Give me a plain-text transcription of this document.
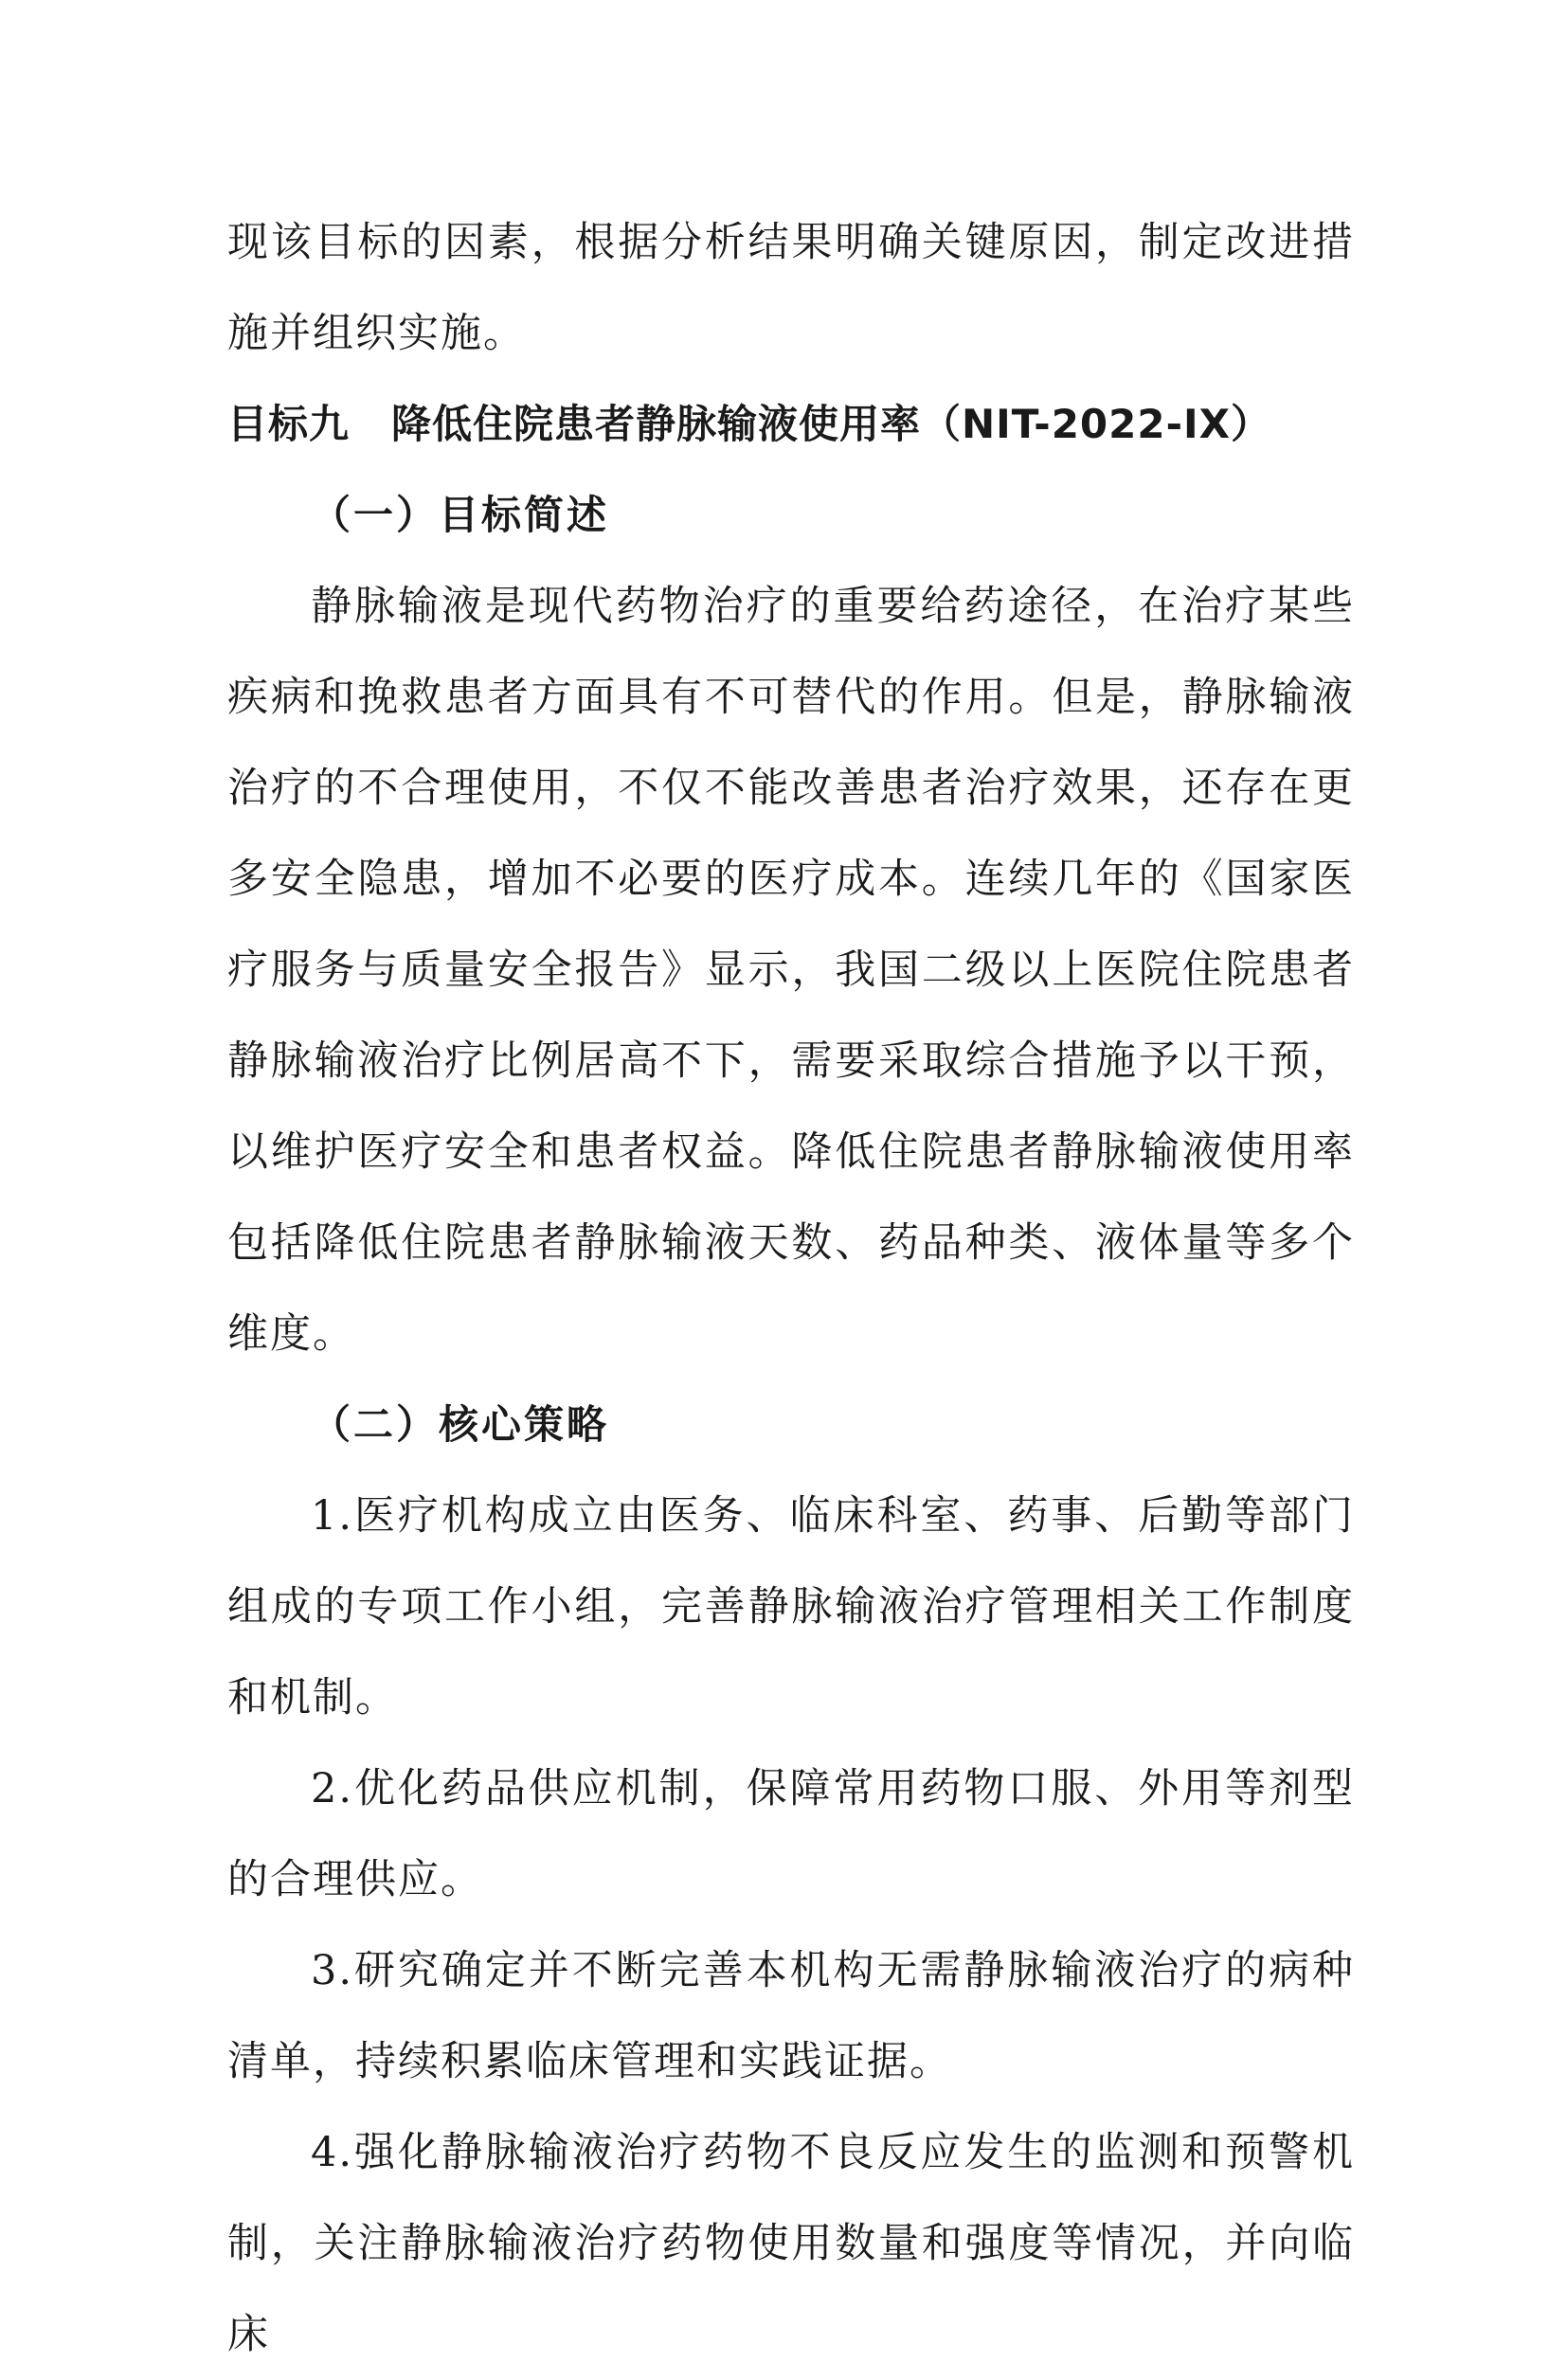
现该目标的因素，根据分析结果明确关键原因，制定改进措施并组织实施。

目标九 降低住院患者静脉输液使用率（NIT-2022-IX）
（一）目标简述

静脉输液是现代药物治疗的重要给药途径，在治疗某些疾病和挽救患者方面具有不可替代的作用。但是，静脉输液治疗的不合理使用，不仅不能改善患者治疗效果，还存在更多安全隐患，增加不必要的医疗成本。连续几年的《国家医疗服务与质量安全报告》显示，我国二级以上医院住院患者静脉输液治疗比例居高不下，需要采取综合措施予以干预，以维护医疗安全和患者权益。降低住院患者静脉输液使用率包括降低住院患者静脉输液天数、药品种类、液体量等多个维度。

（二）核心策略

1.医疗机构成立由医务、临床科室、药事、后勤等部门组成的专项工作小组，完善静脉输液治疗管理相关工作制度和机制。

2.优化药品供应机制，保障常用药物口服、外用等剂型的合理供应。

3.研究确定并不断完善本机构无需静脉输液治疗的病种清单，持续积累临床管理和实践证据。

4.强化静脉输液治疗药物不良反应发生的监测和预警机制，关注静脉输液治疗药物使用数量和强度等情况，并向临床
